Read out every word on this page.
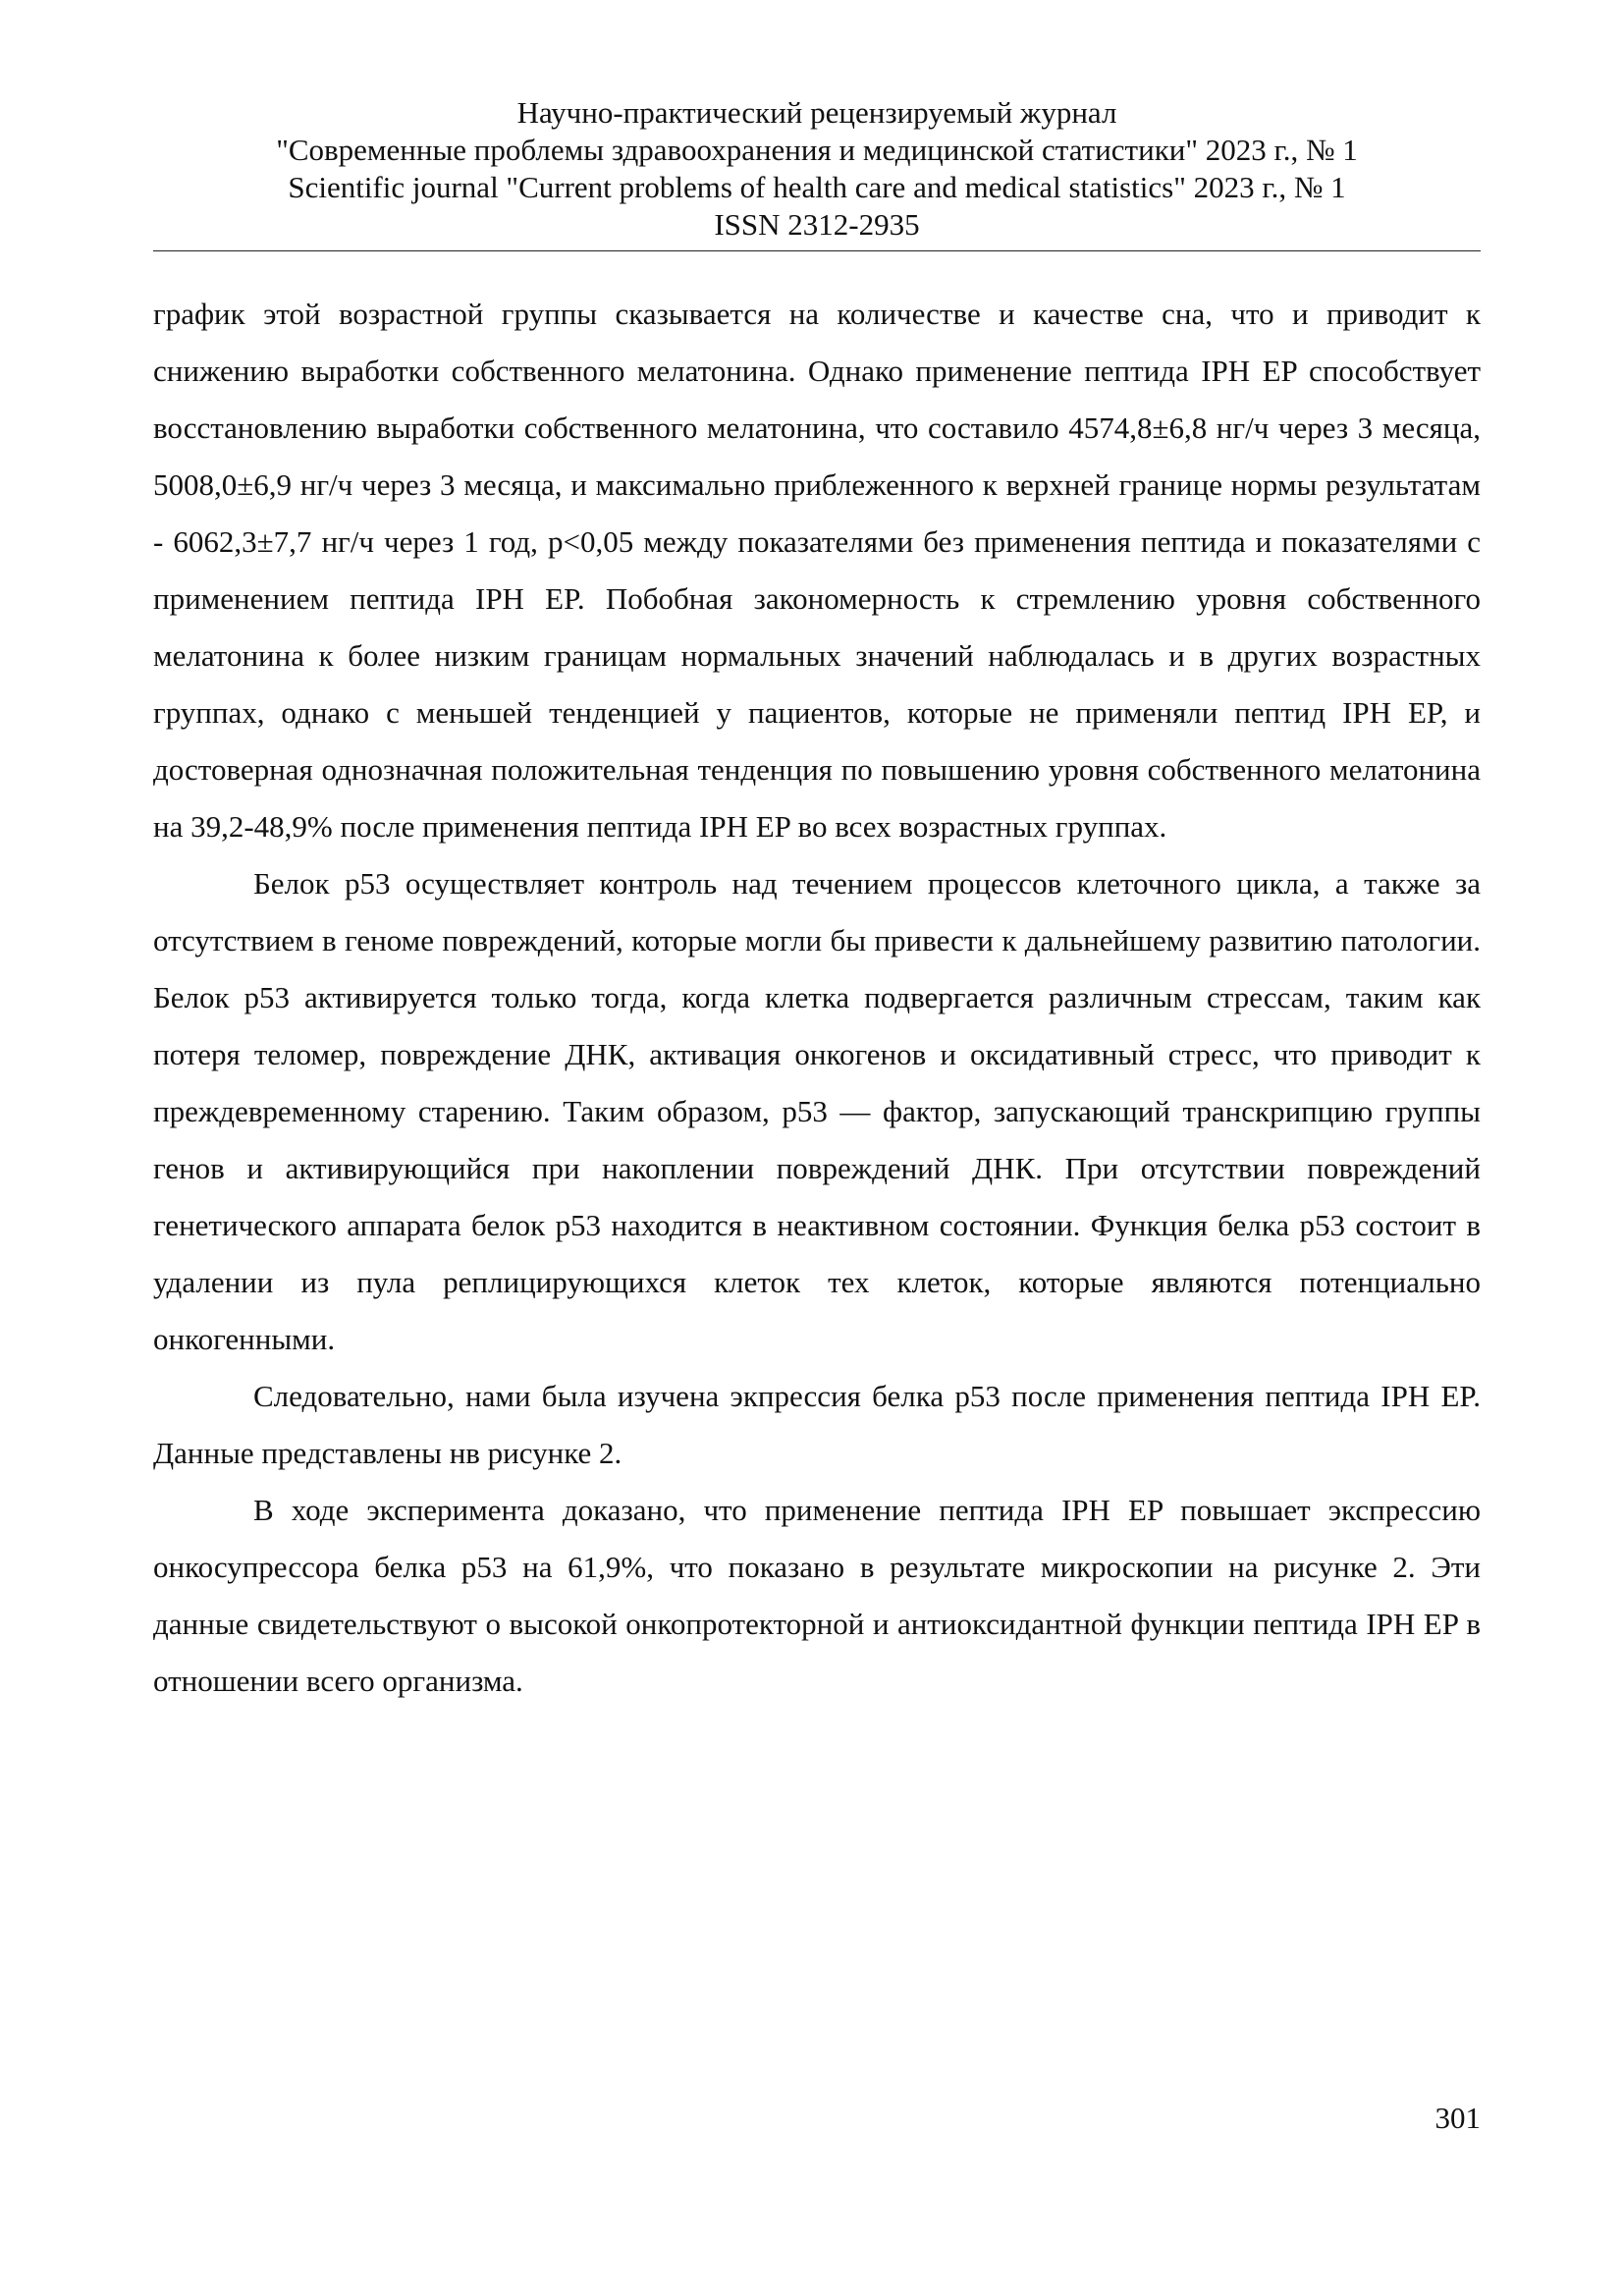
Научно-практический рецензируемый журнал
"Современные проблемы здравоохранения и медицинской статистики" 2023 г., № 1
Scientific journal "Current problems of health care and medical statistics" 2023 г., № 1
ISSN 2312-2935

график этой возрастной группы сказывается на количестве и качестве сна, что и приводит к снижению выработки собственного мелатонина. Однако применение пептида IPH EP способствует восстановлению выработки собственного мелатонина, что составило 4574,8±6,8 нг/ч через 3 месяца, 5008,0±6,9 нг/ч через 3 месяца, и максимально приблеженного к верхней границе нормы результатам - 6062,3±7,7 нг/ч через 1 год, p<0,05 между показателями без применения пептида и показателями с применением пептида IPH EP. Побобная закономерность к стремлению уровня собственного мелатонина к более низким границам нормальных значений наблюдалась и в других возрастных группах, однако с меньшей тенденцией у пациентов, которые не применяли пептид IPH EP, и достоверная однозначная положительная тенденция по повышению уровня собственного мелатонина на 39,2-48,9% после применения пептида IPH EP во всех возрастных группах.

Белок p53 осуществляет контроль над течением процессов клеточного цикла, а также за отсутствием в геноме повреждений, которые могли бы привести к дальнейшему развитию патологии. Белок p53 активируется только тогда, когда клетка подвергается различным стрессам, таким как потеря теломер, повреждение ДНК, активация онкогенов и оксидативный стресс, что приводит к преждевременному старению. Таким образом, p53 — фактор, запускающий транскрипцию группы генов и активирующийся при накоплении повреждений ДНК. При отсутствии повреждений генетического аппарата белок p53 находится в неактивном состоянии. Функция белка p53 состоит в удалении из пула реплицирующихся клеток тех клеток, которые являются потенциально онкогенными.

Следовательно, нами была изучена экпрессия белка p53 после применения пептида IPH EP. Данные представлены нв рисунке 2.

В ходе эксперимента доказано, что применение пептида IPH EP повышает экспрессию онкосупрессора белка p53 на 61,9%, что показано в результате микроскопии на рисунке 2. Эти данные свидетельствуют о высокой онкопротекторной и антиоксидантной функции пептида IPH EP в отношении всего организма.

301
